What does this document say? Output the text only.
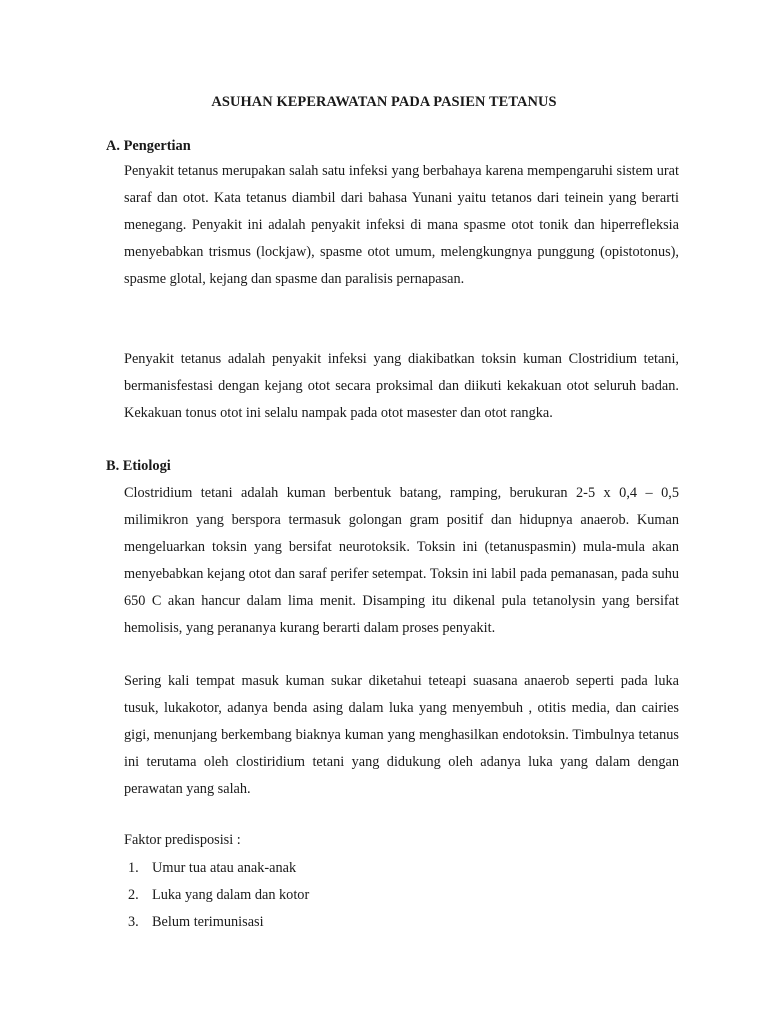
ASUHAN KEPERAWATAN PADA PASIEN TETANUS
A. Pengertian

Penyakit tetanus merupakan salah satu infeksi yang berbahaya karena mempengaruhi sistem urat saraf dan otot. Kata tetanus diambil dari bahasa Yunani yaitu tetanos dari teinein yang berarti menegang. Penyakit ini adalah penyakit infeksi di mana spasme otot tonik dan hiperrefleksia menyebabkan trismus (lockjaw), spasme otot umum, melengkungnya punggung (opistotonus), spasme glotal, kejang dan spasme dan paralisis pernapasan.

Penyakit tetanus adalah penyakit infeksi yang diakibatkan toksin kuman Clostridium tetani, bermanisfestasi dengan kejang otot secara proksimal dan diikuti kekakuan otot seluruh badan. Kekakuan tonus otot ini selalu nampak pada otot masester dan otot rangka.

B. Etiologi

Clostridium tetani adalah kuman berbentuk batang, ramping, berukuran 2-5 x 0,4 – 0,5 milimikron yang berspora termasuk golongan gram positif dan hidupnya anaerob. Kuman mengeluarkan toksin yang bersifat neurotoksik. Toksin ini (tetanuspasmin) mula-mula akan menyebabkan kejang otot dan saraf perifer setempat. Toksin ini labil pada pemanasan, pada suhu 650 C akan hancur dalam lima menit. Disamping itu dikenal pula tetanolysin yang bersifat hemolisis, yang perananya kurang berarti dalam proses penyakit.

Sering kali tempat masuk kuman sukar diketahui teteapi suasana anaerob seperti pada luka tusuk, lukakotor, adanya benda asing dalam luka yang menyembuh , otitis media, dan cairies gigi, menunjang berkembang biaknya kuman yang menghasilkan endotoksin. Timbulnya tetanus ini terutama oleh clostiridium tetani yang didukung oleh adanya luka yang dalam dengan perawatan yang salah.

Faktor predisposisi :
1. Umur tua atau anak-anak
2. Luka yang dalam dan kotor
3. Belum terimunisasi
